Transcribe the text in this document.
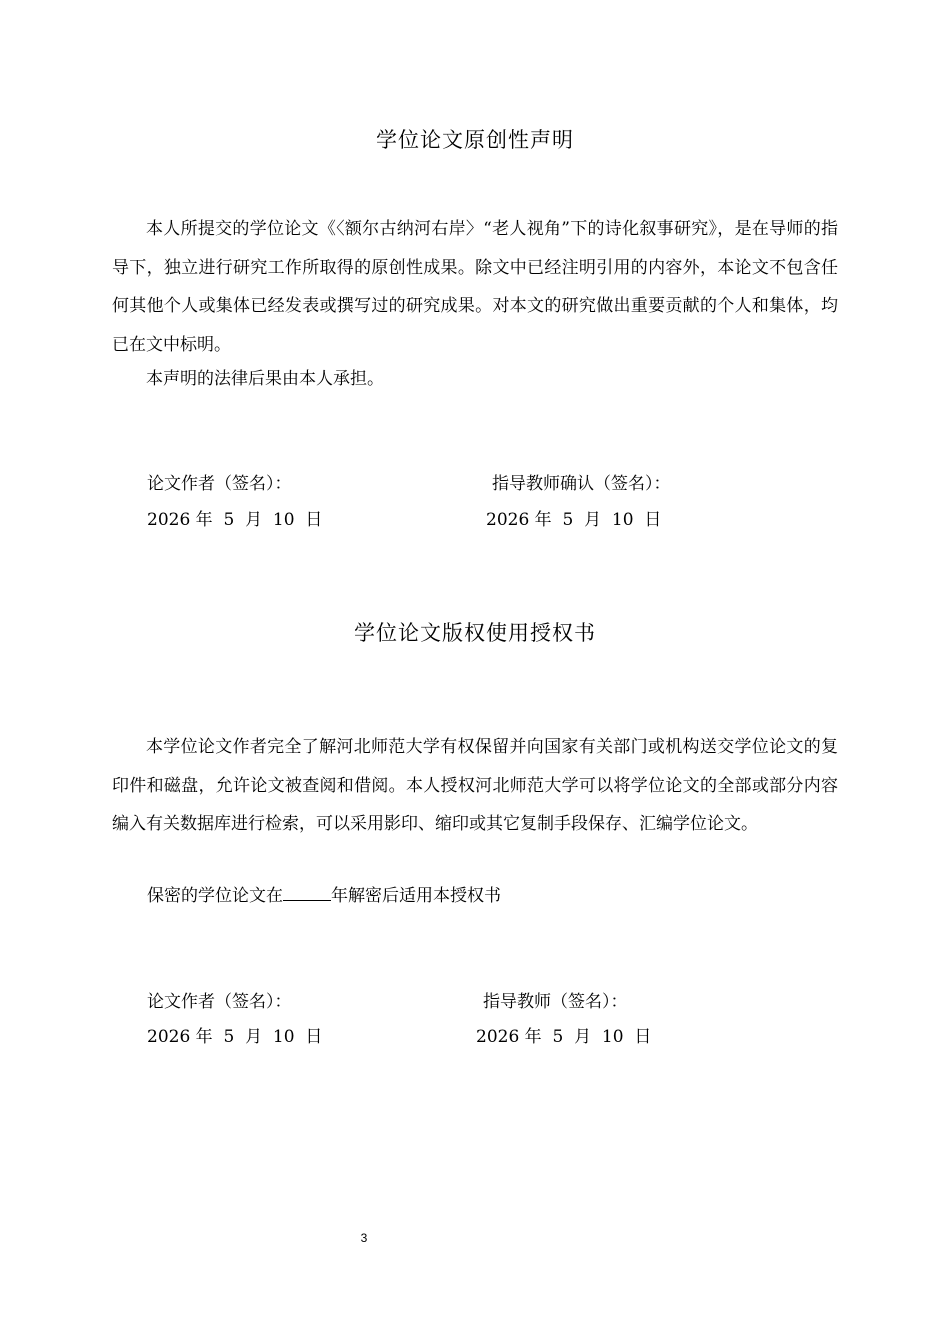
学位论文原创性声明

本人所提交的学位论文《〈额尔古纳河右岸〉“老人视角”下的诗化叙事研究》，是在导师的指导下，独立进行研究工作所取得的原创性成果。除文中已经注明引用的内容外，本论文不包含任何其他个人或集体已经发表或撰写过的研究成果。对本文的研究做出重要贡献的个人和集体，均已在文中标明。

本声明的法律后果由本人承担。

论文作者（签名）：	指导教师确认（签名）：
2026 年  5  月  10  日	2026 年  5  月  10  日
学位论文版权使用授权书

本学位论文作者完全了解河北师范大学有权保留并向国家有关部门或机构送交学位论文的复印件和磁盘，允许论文被查阅和借阅。本人授权河北师范大学可以将学位论文的全部或部分内容编入有关数据库进行检索，可以采用影印、缩印或其它复制手段保存、汇编学位论文。

保密的学位论文在	年解密后适用本授权书
论文作者（签名）：	指导教师（签名）：
2026 年  5  月  10  日	2026 年  5  月  10  日
3
